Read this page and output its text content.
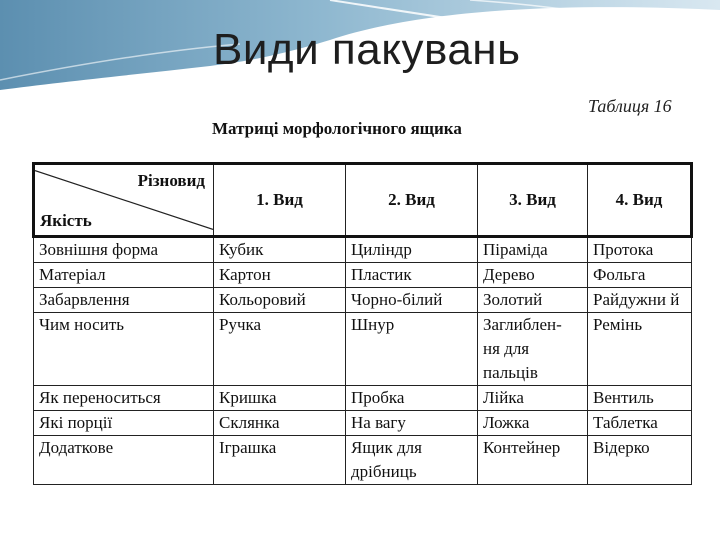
Види пакувань
Таблиця 16
Матриці морфологічного ящика
Різновид
Якість	1. Вид	2. Вид	3. Вид	4. Вид
Зовнішня форма	Кубик	Циліндр	Піраміда	Протока
Матеріал	Картон	Пластик	Дерево	Фольга
Забарвлення	Кольоровий	Чорно-білий	Золотий	Райдужни й
Чим носить	Ручка	Шнур	Заглиблен- ня для пальців	Ремінь
Як переноситься	Кришка	Пробка	Лійка	Вентиль
Які порції	Склянка	На вагу	Ложка	Таблетка
Додаткове	Іграшка	Ящик для дрібниць	Контейнер	Відерко
